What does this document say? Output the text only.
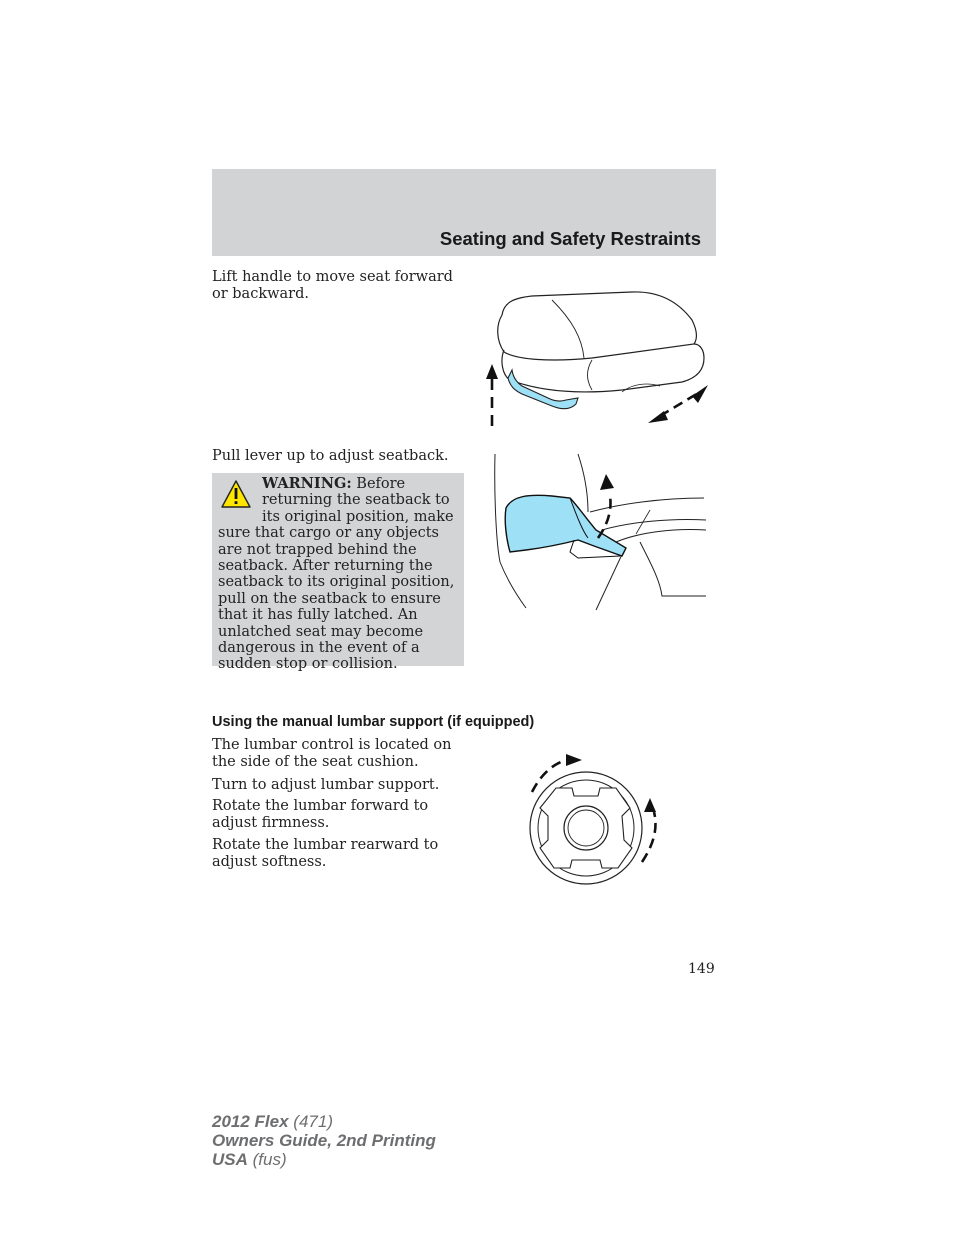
Seating and Safety Restraints

Lift handle to move seat forward or backward.

Pull lever up to adjust seatback.

WARNING: Before returning the seatback to its original position, make sure that cargo or any objects are not trapped behind the seatback. After returning the seatback to its original position, pull on the seatback to ensure that it has fully latched. An unlatched seat may become dangerous in the event of a sudden stop or collision.

Using the manual lumbar support (if equipped)

The lumbar control is located on the side of the seat cushion.

Turn to adjust lumbar support.

Rotate the lumbar forward to adjust firmness.

Rotate the lumbar rearward to adjust softness.

149

2012 Flex (471)
Owners Guide, 2nd Printing
USA (fus)
